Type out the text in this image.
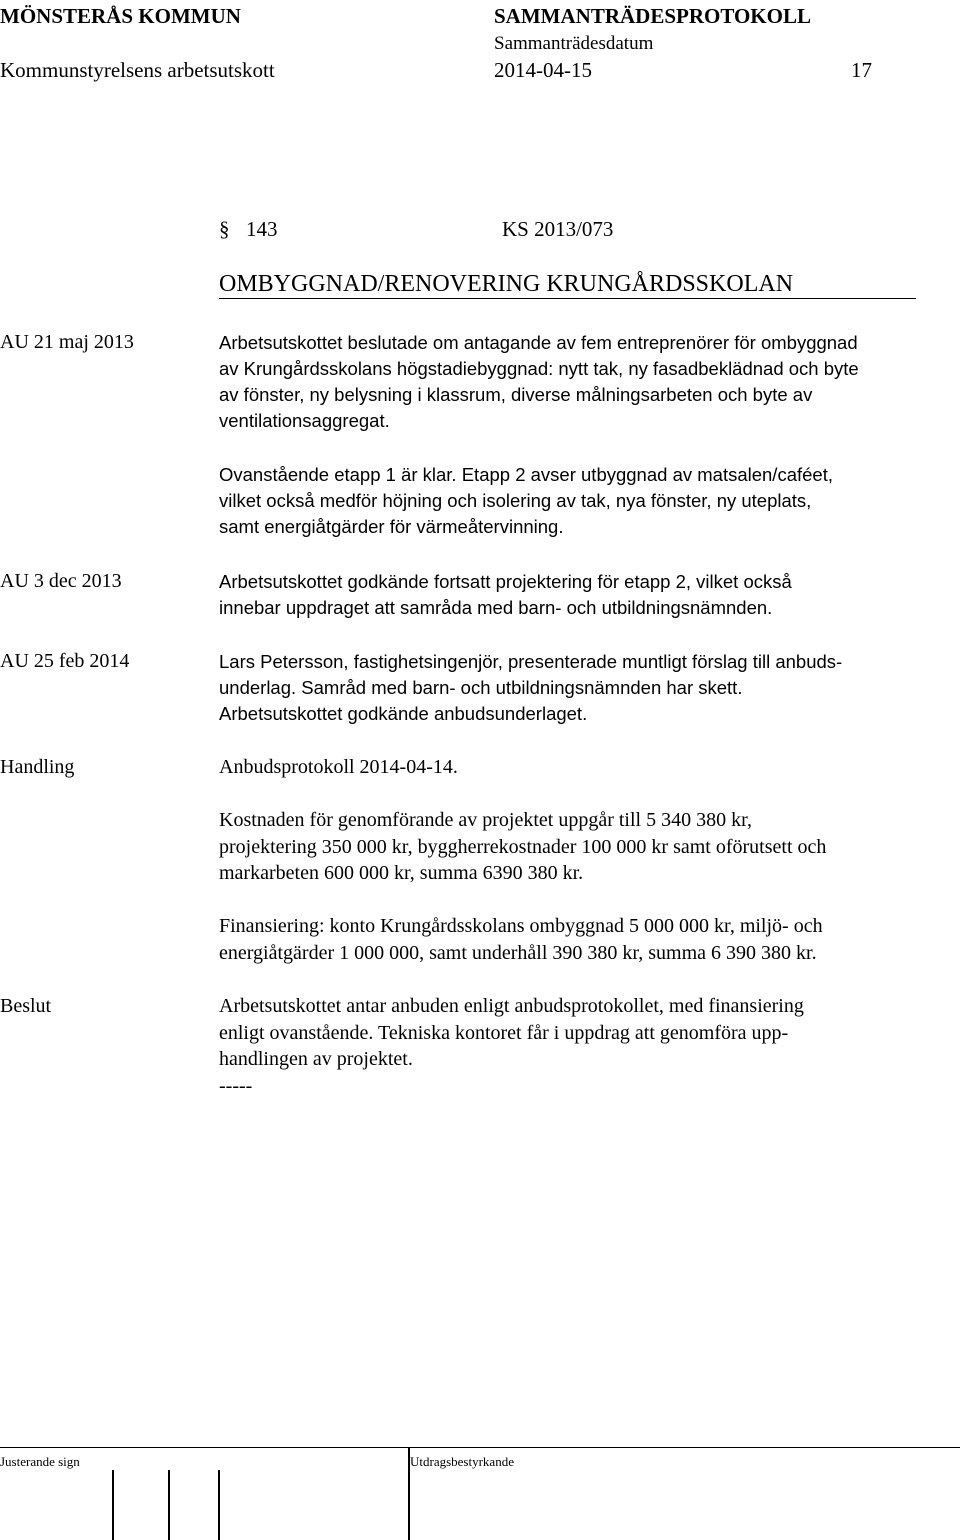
MÖNSTERÅS KOMMUN	SAMMANTRÄDESPROTOKOLL
Sammanträdesdatum
Kommunstyrelsens arbetsutskott	2014-04-15	17
§ 143	KS 2013/073
OMBYGGNAD/RENOVERING KRUNGÅRDSSKOLAN
AU 21 maj 2013	Arbetsutskottet beslutade om antagande av fem entreprenörer för ombyggnad
av Krungårdsskolans högstadiebyggnad: nytt tak, ny fasadbeklädnad och byte
av fönster, ny belysning i klassrum, diverse målningsarbeten och byte av
ventilationsaggregat.
Ovanstående etapp 1 är klar. Etapp 2 avser utbyggnad av matsalen/caféet,
vilket också medför höjning och isolering av tak, nya fönster, ny uteplats,
samt energiåtgärder för värmeåtervinning.
AU 3 dec 2013	Arbetsutskottet godkände fortsatt projektering för etapp 2, vilket också
innebar uppdraget att samråda med barn- och utbildningsnämnden.
AU 25 feb 2014	Lars Petersson, fastighetsingenjör, presenterade muntligt förslag till anbuds-
underlag. Samråd med barn- och utbildningsnämnden har skett.
Arbetsutskottet godkände anbudsunderlaget.
Handling	Anbudsprotokoll 2014-04-14.
Kostnaden för genomförande av projektet uppgår till 5 340 380 kr,
projektering 350 000 kr, byggherrekostnader 100 000 kr samt oförutsett och
markarbeten 600 000 kr, summa 6390 380 kr.
Finansiering: konto Krungårdsskolans ombyggnad 5 000 000 kr, miljö- och
energiåtgärder 1 000 000, samt underhåll 390 380 kr, summa 6 390 380 kr.
Beslut	Arbetsutskottet antar anbuden enligt anbudsprotokollet, med finansiering
enligt ovanstående. Tekniska kontoret får i uppdrag att genomföra upp-
handlingen av projektet.
-----
Justerande sign	Utdragsbestyrkande
